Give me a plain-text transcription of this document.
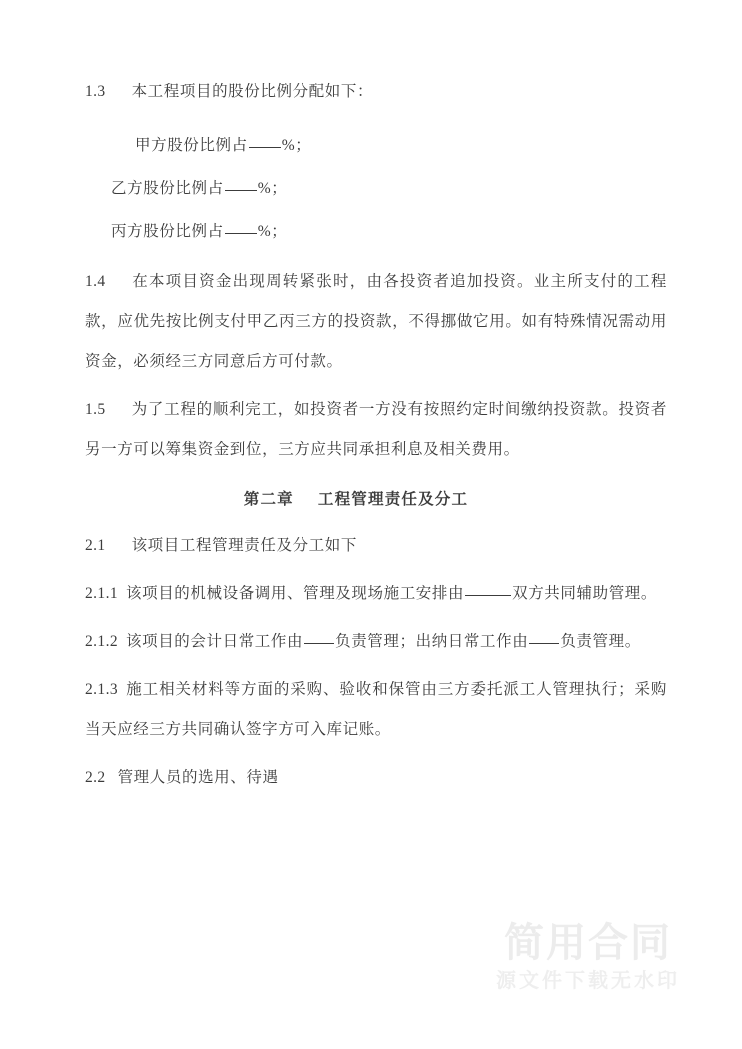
1.3 本工程项目的股份比例分配如下：

甲方股份比例占 %；

乙方股份比例占 %；

丙方股份比例占 %；

1.4 在本项目资金出现周转紧张时，由各投资者追加投资。业主所支付的工程款，应优先按比例支付甲乙丙三方的投资款，不得挪做它用。如有特殊情况需动用资金，必须经三方同意后方可付款。

1.5 为了工程的顺利完工，如投资者一方没有按照约定时间缴纳投资款。投资者另一方可以筹集资金到位，三方应共同承担利息及相关费用。

第二章 工程管理责任及分工

2.1 该项目工程管理责任及分工如下

2.1.1 该项目的机械设备调用、管理及现场施工安排由	双方共同辅助管理。

2.1.2 该项目的会计日常工作由 负责管理；出纳日常工作由 负责管理。

2.1.3 施工相关材料等方面的采购、验收和保管由三方委托派工人管理执行；采购当天应经三方共同确认签字方可入库记账。

2.2 管理人员的选用、待遇

简用合同
源文件下载无水印
